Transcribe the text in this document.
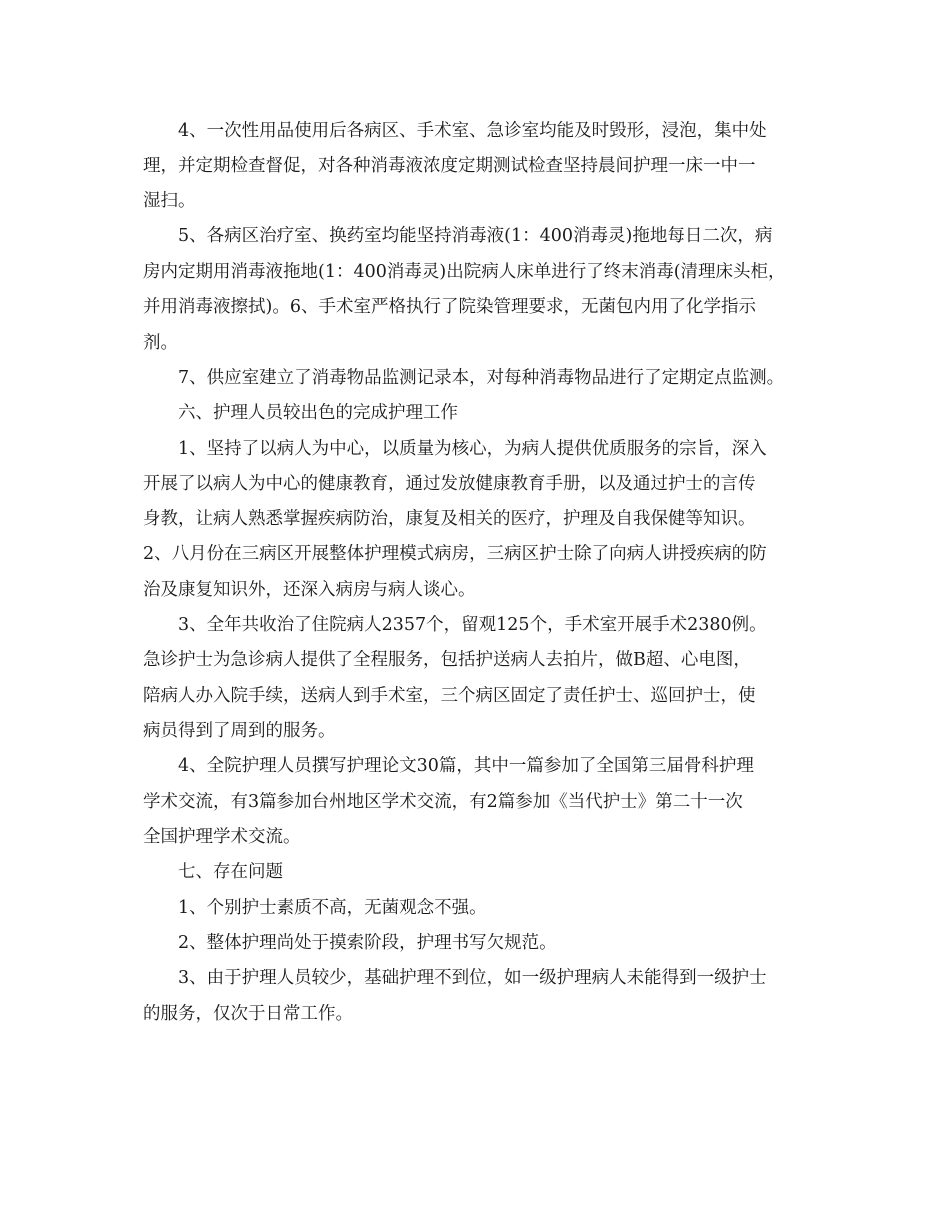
4、一次性用品使用后各病区、手术室、急诊室均能及时毁形，浸泡，集中处
理，并定期检查督促，对各种消毒液浓度定期测试检查坚持晨间护理一床一中一
湿扫。
5、各病区治疗室、换药室均能坚持消毒液(1：400消毒灵)拖地每日二次，病
房内定期用消毒液拖地(1：400消毒灵)出院病人床单进行了终末消毒(清理床头柜，
并用消毒液擦拭)。6、手术室严格执行了院染管理要求，无菌包内用了化学指示
剂。
7、供应室建立了消毒物品监测记录本，对每种消毒物品进行了定期定点监测。
六、护理人员较出色的完成护理工作
1、坚持了以病人为中心，以质量为核心，为病人提供优质服务的宗旨，深入
开展了以病人为中心的健康教育，通过发放健康教育手册，以及通过护士的言传
身教，让病人熟悉掌握疾病防治，康复及相关的医疗，护理及自我保健等知识。
2、八月份在三病区开展整体护理模式病房，三病区护士除了向病人讲授疾病的防
治及康复知识外，还深入病房与病人谈心。
3、全年共收治了住院病人2357个，留观125个，手术室开展手术2380例。
急诊护士为急诊病人提供了全程服务，包括护送病人去拍片，做B超、心电图，
陪病人办入院手续，送病人到手术室，三个病区固定了责任护士、巡回护士，使
病员得到了周到的服务。
4、全院护理人员撰写护理论文30篇，其中一篇参加了全国第三届骨科护理
学术交流，有3篇参加台州地区学术交流，有2篇参加《当代护士》第二十一次
全国护理学术交流。
七、存在问题
1、个别护士素质不高，无菌观念不强。
2、整体护理尚处于摸索阶段，护理书写欠规范。
3、由于护理人员较少，基础护理不到位，如一级护理病人未能得到一级护士
的服务，仅次于日常工作。
